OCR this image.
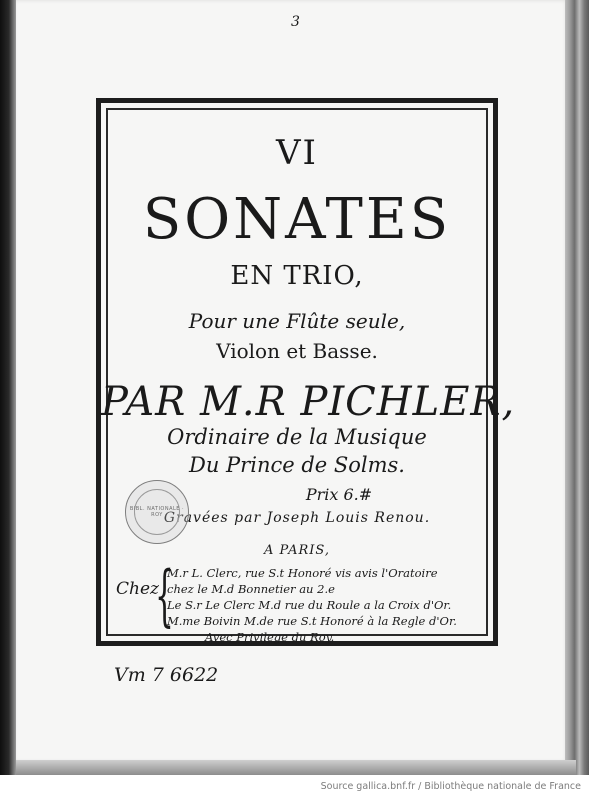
3
VI
SONATES
EN TRIO,
Pour une Flûte seule,
Violon et Basse.
PAR M.R PICHLER,
Ordinaire de la Musique
Du Prince de Solms.
Prix 6.#
Gravées par Joseph Louis Renou.
A PARIS,
Chez
{
M.r L. Clerc, rue S.t Honoré vis avis l'Oratoire
chez le M.d Bonnetier au 2.e
Le S.r Le Clerc M.d rue du Roule a la Croix d'Or.
M.me Boivin M.de rue S.t Honoré à la Regle d'Or.
Avec Privilege du Roy.
BIBL. NATIONALE · ROY
Vm 7 6622
Source gallica.bnf.fr / Bibliothèque nationale de France
